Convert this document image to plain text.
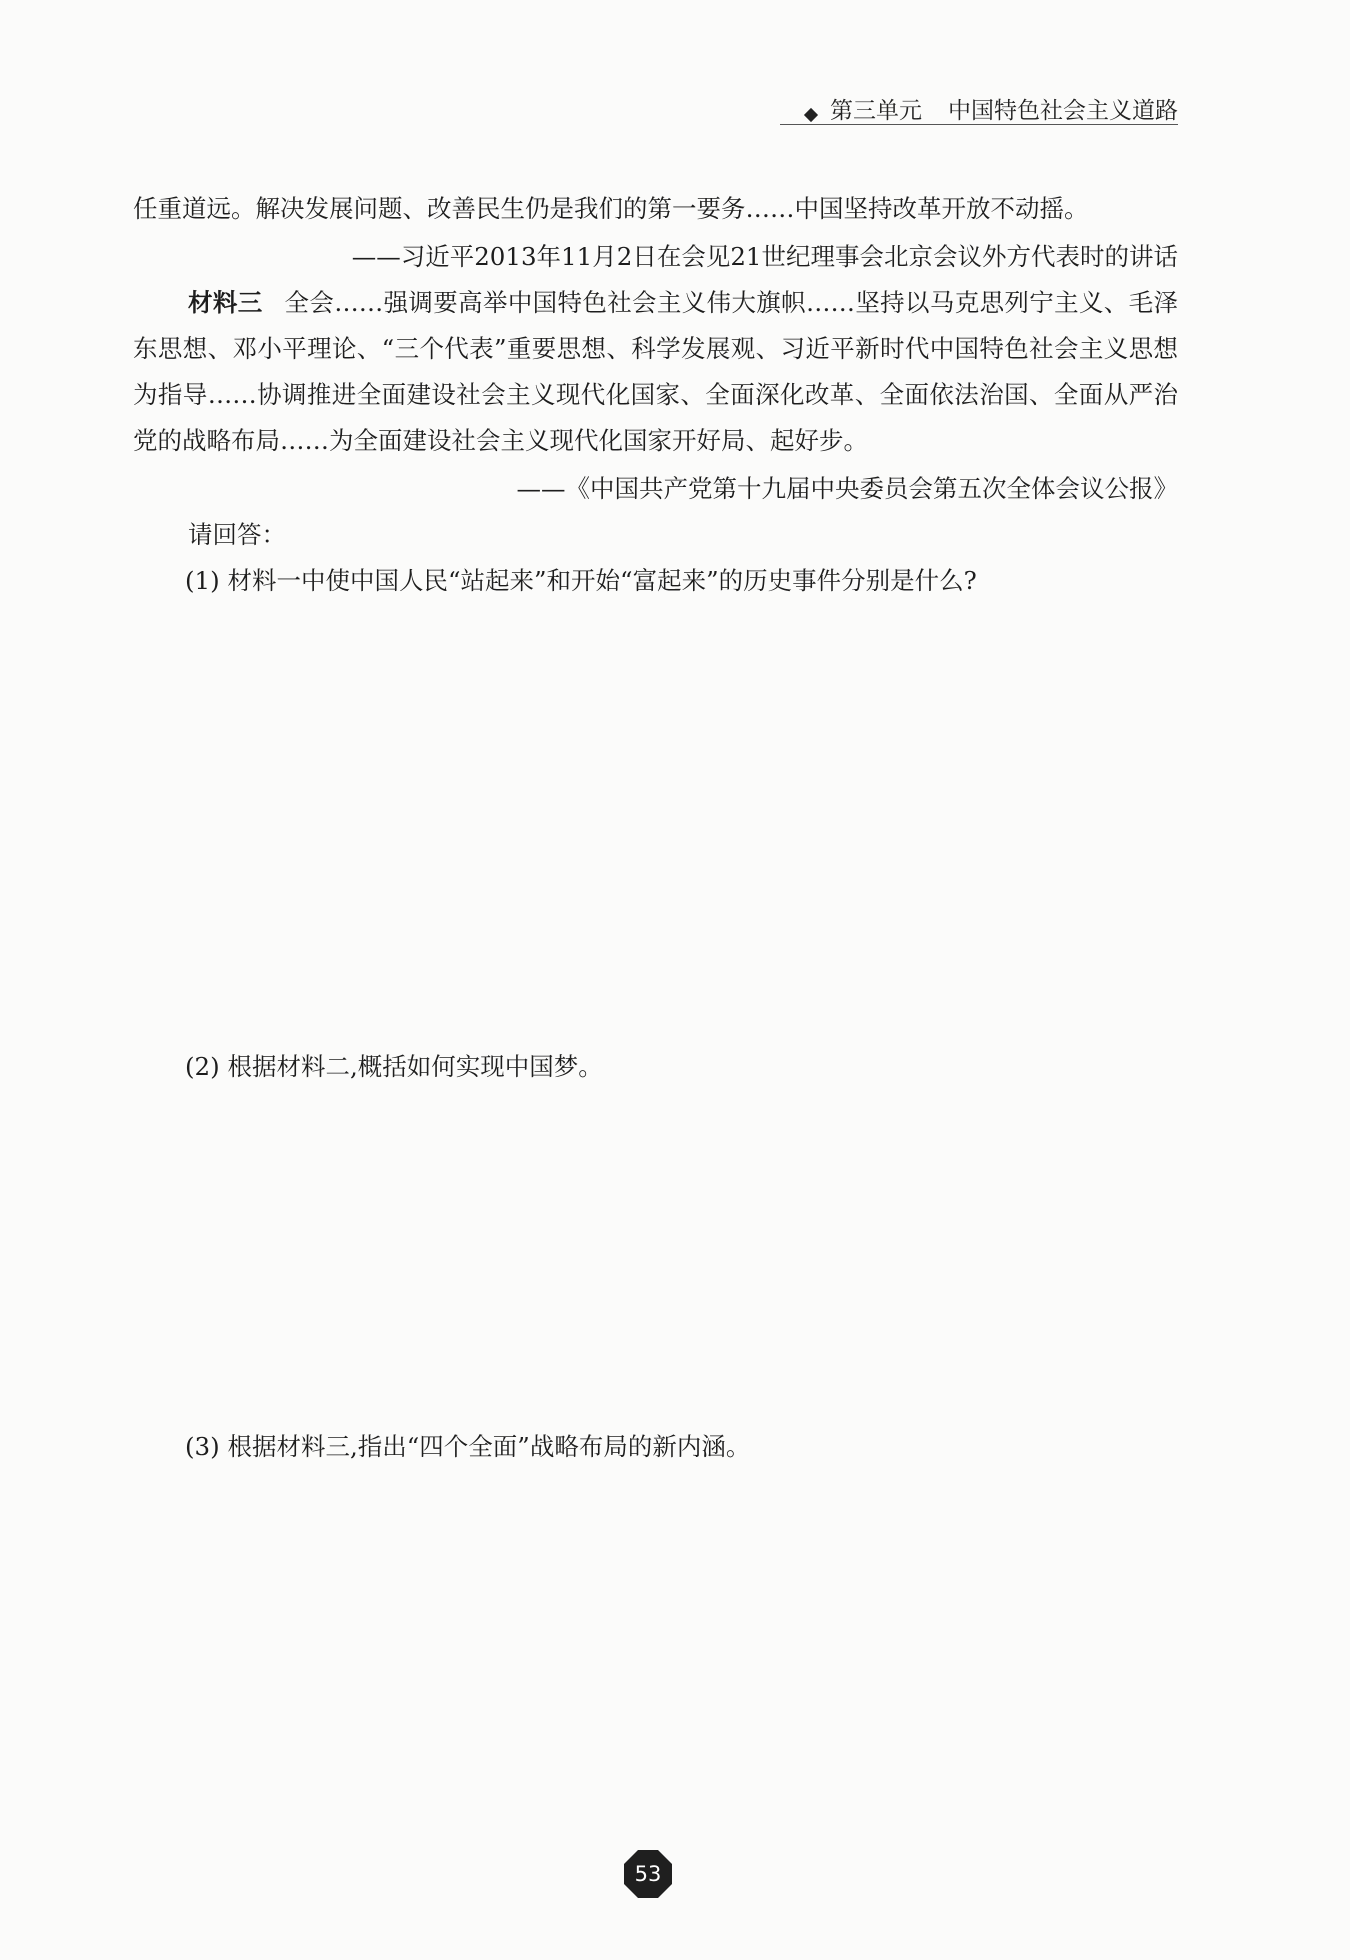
第三单元 中国特色社会主义道路

任重道远。解决发展问题、改善民生仍是我们的第一要务……中国坚持改革开放不动摇。

——习近平2013年11月2日在会见21世纪理事会北京会议外方代表时的讲话

材料三 全会……强调要高举中国特色社会主义伟大旗帜……坚持以马克思列宁主义、毛泽东思想、邓小平理论、“三个代表”重要思想、科学发展观、习近平新时代中国特色社会主义思想为指导……协调推进全面建设社会主义现代化国家、全面深化改革、全面依法治国、全面从严治党的战略布局……为全面建设社会主义现代化国家开好局、起好步。

——《中国共产党第十九届中央委员会第五次全体会议公报》

请回答：

(1) 材料一中使中国人民“站起来”和开始“富起来”的历史事件分别是什么?

(2) 根据材料二,概括如何实现中国梦。
(3) 根据材料三,指出“四个全面”战略布局的新内涵。
53
